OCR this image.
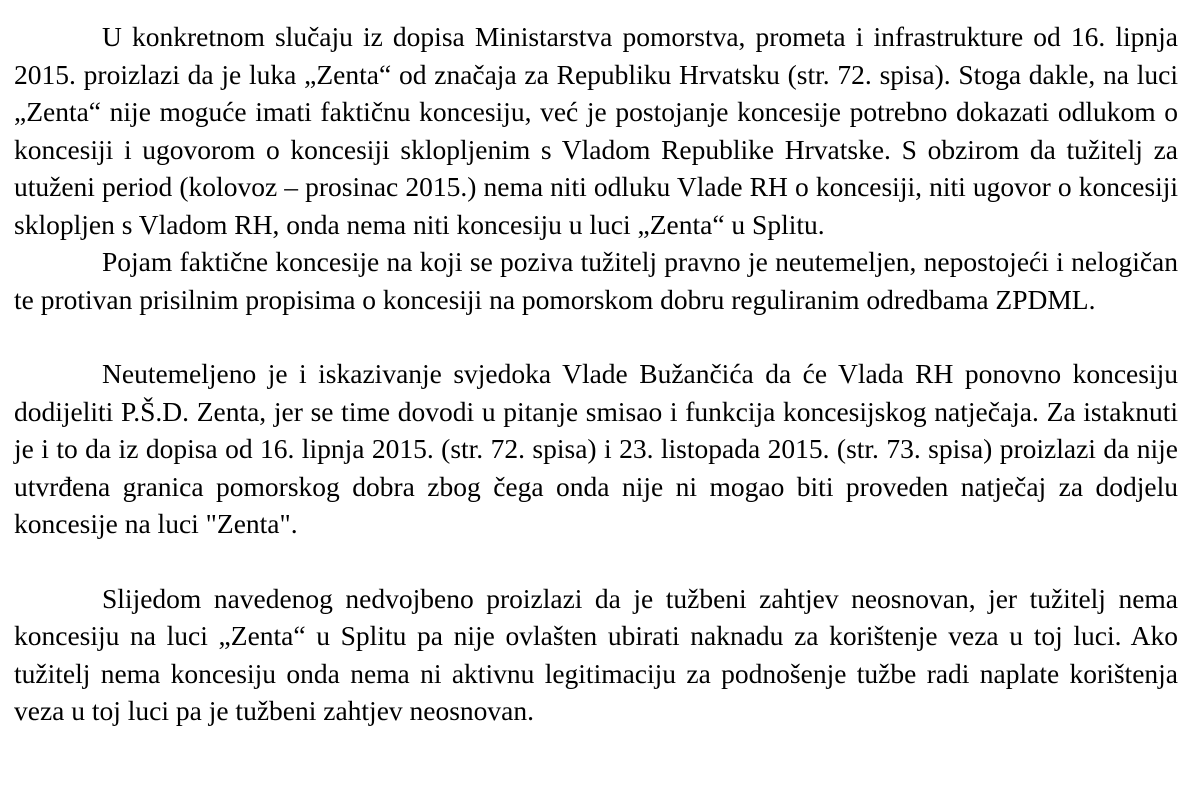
U konkretnom slučaju iz dopisa Ministarstva pomorstva, prometa i infrastrukture od 16. lipnja 2015. proizlazi da je luka „Zenta“ od značaja za Republiku Hrvatsku (str. 72. spisa). Stoga dakle, na luci „Zenta“ nije moguće imati faktičnu koncesiju, već je postojanje koncesije potrebno dokazati odlukom o koncesiji i ugovorom o koncesiji sklopljenim s Vladom Republike Hrvatske. S obzirom da tužitelj za utuženi period (kolovoz – prosinac 2015.) nema niti odluku Vlade RH o koncesiji, niti ugovor o koncesiji sklopljen s Vladom RH, onda nema niti koncesiju u luci „Zenta“ u Splitu.

Pojam faktične koncesije na koji se poziva tužitelj pravno je neutemeljen, nepostojeći i nelogičan te protivan prisilnim propisima o koncesiji na pomorskom dobru reguliranim odredbama ZPDML.

Neutemeljeno je i iskazivanje svjedoka Vlade Bužančića da će Vlada RH ponovno koncesiju dodijeliti P.Š.D. Zenta, jer se time dovodi u pitanje smisao i funkcija koncesijskog natječaja. Za istaknuti je i to da iz dopisa od 16. lipnja 2015. (str. 72. spisa) i 23. listopada 2015. (str. 73. spisa) proizlazi da nije utvrđena granica pomorskog dobra zbog čega onda nije ni mogao biti proveden natječaj za dodjelu koncesije na luci "Zenta".

Slijedom navedenog nedvojbeno proizlazi da je tužbeni zahtjev neosnovan, jer tužitelj nema koncesiju na luci „Zenta“ u Splitu pa nije ovlašten ubirati naknadu za korištenje veza u toj luci. Ako tužitelj nema koncesiju onda nema ni aktivnu legitimaciju za podnošenje tužbe radi naplate korištenja veza u toj luci pa je tužbeni zahtjev neosnovan.
